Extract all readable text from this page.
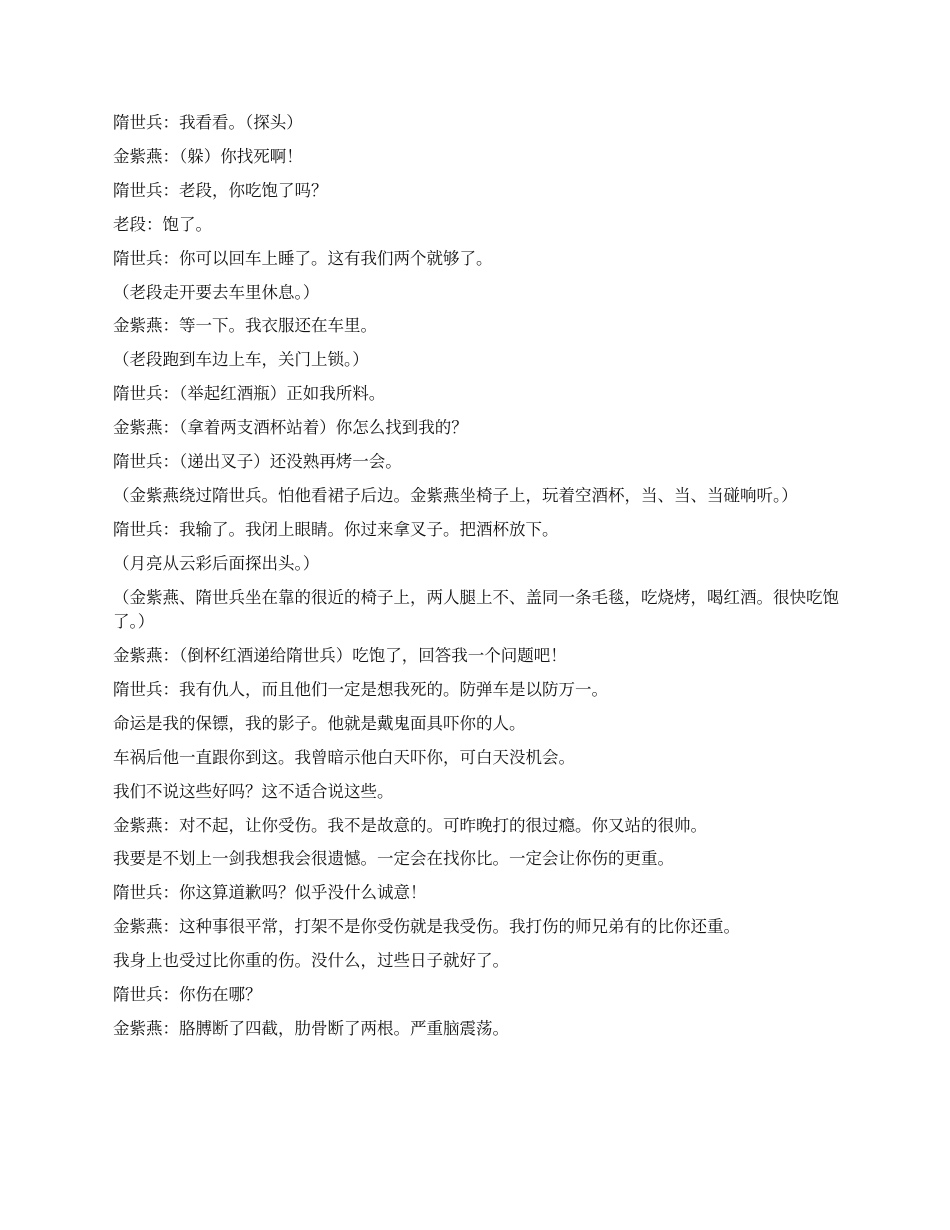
隋世兵：我看看。（探头）

金紫燕：（躲）你找死啊！

隋世兵：老段，你吃饱了吗？

老段：饱了。

隋世兵：你可以回车上睡了。这有我们两个就够了。

（老段走开要去车里休息。）

金紫燕：等一下。我衣服还在车里。

（老段跑到车边上车，关门上锁。）

隋世兵：（举起红酒瓶）正如我所料。

金紫燕：（拿着两支酒杯站着）你怎么找到我的？

隋世兵：（递出叉子）还没熟再烤一会。

（金紫燕绕过隋世兵。怕他看裙子后边。金紫燕坐椅子上，玩着空酒杯，当、当、当碰响听。）

隋世兵：我输了。我闭上眼睛。你过来拿叉子。把酒杯放下。

（月亮从云彩后面探出头。）

（金紫燕、隋世兵坐在靠的很近的椅子上，两人腿上不、盖同一条毛毯，吃烧烤，喝红酒。很快吃饱了。）

金紫燕：（倒杯红酒递给隋世兵）吃饱了，回答我一个问题吧！

隋世兵：我有仇人，而且他们一定是想我死的。防弹车是以防万一。

命运是我的保镖，我的影子。他就是戴鬼面具吓你的人。

车祸后他一直跟你到这。我曾暗示他白天吓你，可白天没机会。

我们不说这些好吗？这不适合说这些。

金紫燕：对不起，让你受伤。我不是故意的。可昨晚打的很过瘾。你又站的很帅。

我要是不划上一剑我想我会很遗憾。一定会在找你比。一定会让你伤的更重。

隋世兵：你这算道歉吗？似乎没什么诚意！

金紫燕：这种事很平常，打架不是你受伤就是我受伤。我打伤的师兄弟有的比你还重。

我身上也受过比你重的伤。没什么，过些日子就好了。

隋世兵：你伤在哪？

金紫燕：胳膊断了四截，肋骨断了两根。严重脑震荡。
